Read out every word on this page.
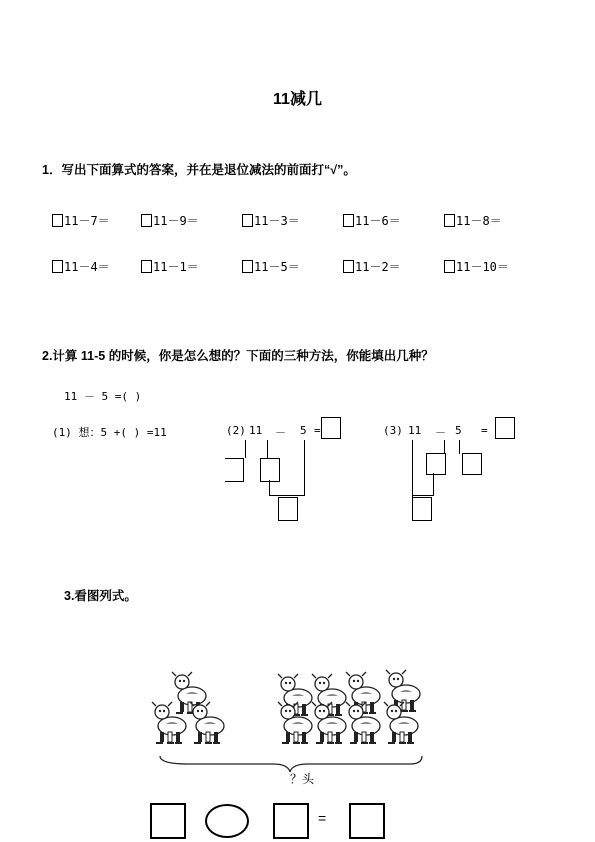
11减几
1．写出下面算式的答案，并在是退位减法的前面打“√”。
11－7＝	11－9＝	11－3＝	11－6＝	11－8＝
11－4＝	11－1＝	11－5＝	11－2＝	11－10＝
2.计算 11-5 的时候，你是怎么想的？下面的三种方法，你能填出几种？
11 － 5 =( )
(1) 想：5 +( ) =11	(2) 11 － 5 =	(3) 11 － 5 =
3.看图列式。
？头
=
